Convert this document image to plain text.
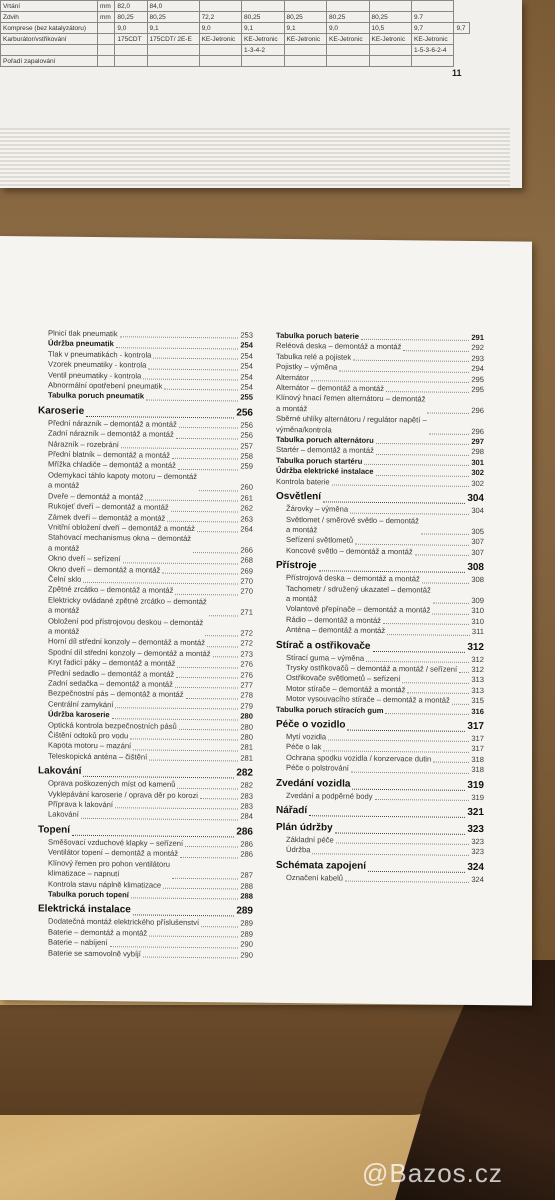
Vrtání	mm	82,0	84,0							
Zdvih	mm	80,25	80,25	72,2	80,25	80,25	80,25	80,25	9.7	
Komprese (bez katalyzátoru)		9,0	9,1	9,0	9,1	9,1	9,0	10,5	9,7	9,7
Karburátor/vstřikování		175CDT	175CDT/ 2E-E	KE-Jetronic	KE-Jetronic	KE-Jetronic	KE-Jetronic	KE-Jetronic	KE-Jetronic	
					1-3-4-2				1-5-3-6-2-4	
Pořadí zapalování										
11
Plnicí tlak pneumatik	253
Údržba pneumatik	254
Tlak v pneumatikách - kontrola	254
Vzorek pneumatiky - kontrola	254
Ventil pneumatiky - kontrola	254
Abnormální opotřebení pneumatik	254
Tabulka poruch pneumatik	255
Karoserie	256
Přední nárazník – demontáž a montáž	256
Zadní nárazník – demontáž a montáž	256
Nárazník – rozebrání	257
Přední blatník – demontáž a montáž	258
Mřížka chladiče – demontáž a montáž	259
Odemykací táhlo kapoty motoru – demontáž
a montáž	260
Dveře – demontáž a montáž	261
Rukojeť dveří – demontáž a montáž	262
Zámek dveří – demontáž a montáž	263
Vnitřní obložení dveří – demontáž a montáž	264
Stahovací mechanismus okna – demontáž
a montáž	266
Okno dveří – seřízení	268
Okno dveří – demontáž a montáž	269
Čelní sklo	270
Zpětné zrcátko – demontáž a montáž	270
Elektricky ovládané zpětné zrcátko – demontáž
a montáž	271
Obložení pod přístrojovou deskou – demontáž
a montáž	272
Horní díl střední konzoly – demontáž a montáž	272
Spodní díl střední konzoly – demontáž a montáž	273
Kryt řadicí páky – demontáž a montáž	276
Přední sedadlo – demontáž a montáž	276
Zadní sedačka – demontáž a montáž	277
Bezpečnostní pás – demontáž a montáž	278
Centrální zamykání	279
Údržba karoserie	280
Optická kontrola bezpečnostních pásů	280
Čištění odtoků pro vodu	280
Kapota motoru – mazání	281
Teleskopická anténa – čištění	281
Lakování	282
Oprava poškozených míst od kamenů	282
Vyklepávání karoserie / oprava děr po korozi	283
Příprava k lakování	283
Lakování	284
Topení	286
Směšovací vzduchové klapky – seřízení	286
Ventilátor topení – demontáž a montáž	286
Klínový řemen pro pohon ventilátoru
klimatizace – napnutí	287
Kontrola stavu náplně klimatizace	288
Tabulka poruch topení	288
Elektrická instalace	289
Dodatečná montáž elektrického příslušenství	289
Baterie – demontáž a montáž	289
Baterie – nabíjení	290
Baterie se samovolně vybíjí	290
Tabulka poruch baterie	291
Reléová deska – demontáž a montáž	292
Tabulka relé a pojistek	293
Pojistky – výměna	294
Alternátor	295
Alternátor – demontáž a montáž	295
Klínový hnací řemen alternátoru – demontáž
a montáž	296
Sběrné uhlíky alternátoru / regulátor napětí –
výměna/kontrola	296
Tabulka poruch alternátoru	297
Startér – demontáž a montáž	298
Tabulka poruch startéru	301
Údržba elektrické instalace	302
Kontrola baterie	302
Osvětlení	304
Žárovky – výměna	304
Světlomet / směrové světlo – demontáž
a montáž	305
Seřízení světlometů	307
Koncové světlo – demontáž a montáž	307
Přístroje	308
Přístrojová deska – demontáž a montáž	308
Tachometr / sdružený ukazatel – demontáž
a montáž	309
Volantové přepínače – demontáž a montáž	310
Rádio – demontáž a montáž	310
Anténa – demontáž a montáž	311
Stírač a ostřikovače	312
Stírací guma – výměna	312
Trysky ostřikovačů – demontáž a montáž / seřízení 312
Ostřikovače světlometů – seřízení	313
Motor stírače – demontáž a montáž	313
Motor vysouvacího stírače – demontáž a montáž	315
Tabulka poruch stíracích gum	316
Péče o vozidlo	317
Mytí vozidla	317
Péče o lak	317
Ochrana spodku vozidla / konzervace dutin	318
Péče o polstrování	318
Zvedání vozidla	319
Zvedání a podpěrné body	319
Nářadí	321
Plán údržby	323
Základní péče	323
Údržba	323
Schémata zapojení	324
Označení kabelů	324
@Bazos.cz
